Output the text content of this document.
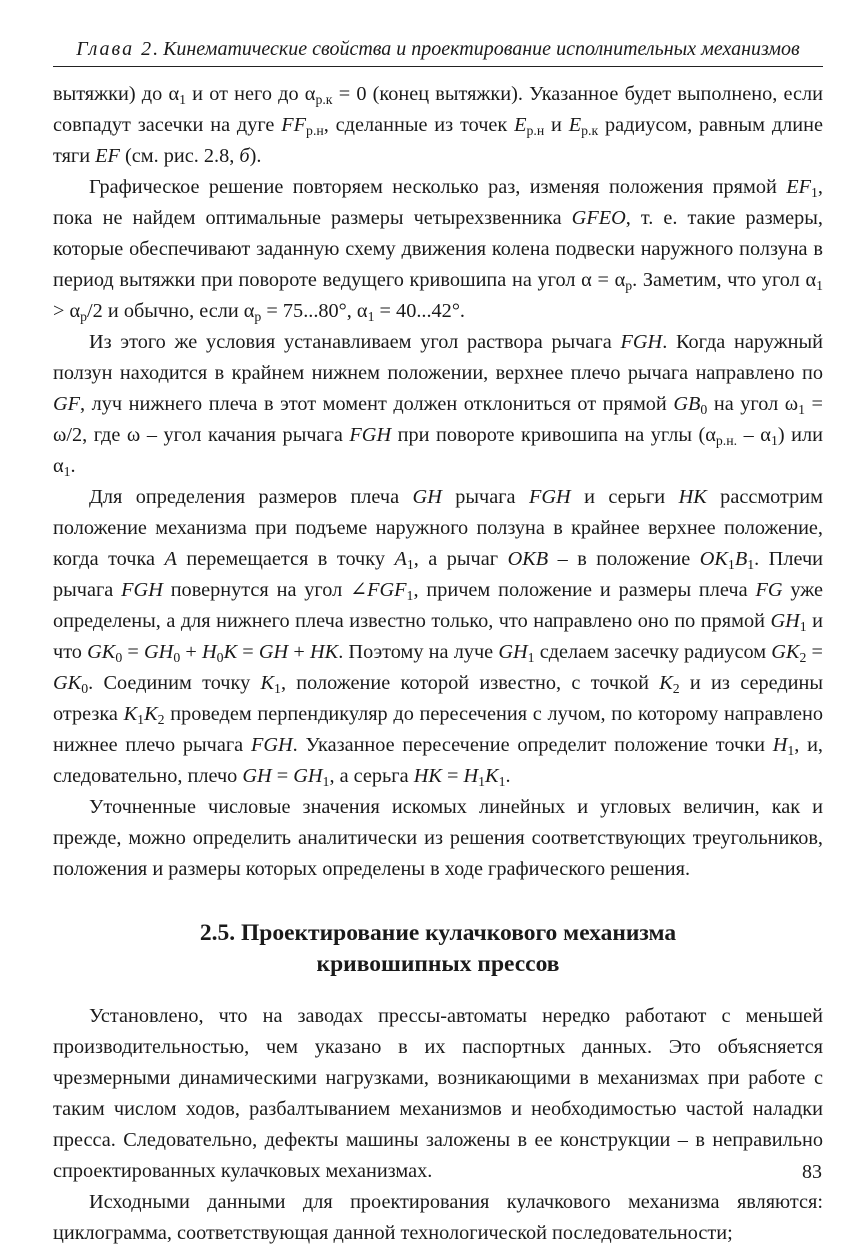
Глава 2. Кинематические свойства и проектирование исполнительных механизмов

вытяжки) до $\alpha_1$ и от него до $\alpha_{р.к} = 0$ (конец вытяжки). Указанное будет выполнено, если совпадут засечки на дуге $FF_{р.н}$, сделанные из точек $E_{р.н}$ и $E_{р.к}$ радиусом, равным длине тяги EF (см. рис. 2.8, б).

Графическое решение повторяем несколько раз, изменяя положения прямой $EF_1$, пока не найдем оптимальные размеры четырехзвенника GFEO, т. е. такие размеры, которые обеспечивают заданную схему движения колена подвески наружного ползуна в период вытяжки при повороте ведущего кривошипа на угол $\alpha = \alpha_р$. Заметим, что угол $\alpha_1 > \alpha_р/2$ и обычно, если $\alpha_р = 75...80^\circ$, $\alpha_1 = 40...42^\circ$.

Из этого же условия устанавливаем угол раствора рычага FGH. Когда наружный ползун находится в крайнем нижнем положении, верхнее плечо рычага направлено по GF, луч нижнего плеча в этот момент должен отклониться от прямой $GB_0$ на угол $\omega_1 = \omega/2$, где ω – угол качания рычага FGH при повороте кривошипа на углы $(\alpha_{р.н.} - \alpha_1)$ или $\alpha_1$.

Для определения размеров плеча GH рычага FGH и серьги HK рассмотрим положение механизма при подъеме наружного ползуна в крайнее верхнее положение, когда точка A перемещается в точку $A_1$, а рычаг OKB – в положение $OK_1B_1$. Плечи рычага FGH повернутся на угол $\angle FGF_1$, причем положение и размеры плеча FG уже определены, а для нижнего плеча известно только, что направлено оно по прямой $GH_1$ и что $GK_0 = GH_0 + H_0K$ = GH + HK. Поэтому на луче $GH_1$ сделаем засечку радиусом $GK_2 = GK_0$. Соединим точку $K_1$, положение которой известно, с точкой $K_2$ и из середины отрезка $K_1K_2$ проведем перпендикуляр до пересечения с лучом, по которому направлено нижнее плечо рычага FGH. Указанное пересечение определит положение точки $H_1$, и, следовательно, плечо GH = $GH_1$, а серьга HK = $H_1K_1$.

Уточненные числовые значения искомых линейных и угловых величин, как и прежде, можно определить аналитически из решения соответствующих треугольников, положения и размеры которых определены в ходе графического решения.

2.5. Проектирование кулачкового механизма
кривошипных прессов

Установлено, что на заводах прессы-автоматы нередко работают с меньшей производительностью, чем указано в их паспортных данных. Это объясняется чрезмерными динамическими нагрузками, возникающими в механизмах при работе с таким числом ходов, разбалтыванием механизмов и необходимостью частой наладки пресса. Следовательно, дефекты машины заложены в ее конструкции – в неправильно спроектированных кулачковых механизмах.

Исходными данными для проектирования кулачкового механизма являются: циклограмма, соответствующая данной технологической последовательности;

83
